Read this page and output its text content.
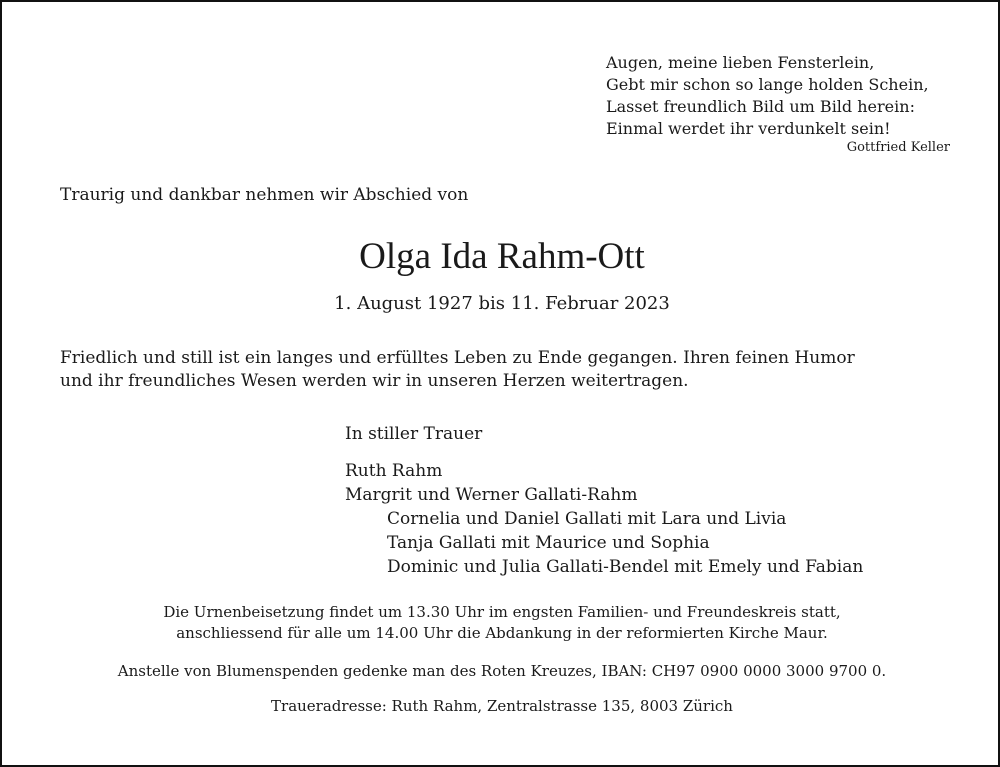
Augen, meine lieben Fensterlein,
Gebt mir schon so lange holden Schein,
Lasset freundlich Bild um Bild herein:
Einmal werdet ihr verdunkelt sein!
Gottfried Keller
Traurig und dankbar nehmen wir Abschied von
Olga Ida Rahm-Ott
1. August 1927 bis 11. Februar 2023
Friedlich und still ist ein langes und erfülltes Leben zu Ende gegangen. Ihren feinen Humor
und ihr freundliches Wesen werden wir in unseren Herzen weitertragen.
In stiller Trauer
Ruth Rahm
Margrit und Werner Gallati-Rahm
Cornelia und Daniel Gallati mit Lara und Livia
Tanja Gallati mit Maurice und Sophia
Dominic und Julia Gallati-Bendel mit Emely und Fabian
Die Urnenbeisetzung findet um 13.30 Uhr im engsten Familien- und Freundeskreis statt,
anschliessend für alle um 14.00 Uhr die Abdankung in der reformierten Kirche Maur.
Anstelle von Blumenspenden gedenke man des Roten Kreuzes, IBAN: CH97 0900 0000 3000 9700 0.
Traueradresse: Ruth Rahm, Zentralstrasse 135, 8003 Zürich
